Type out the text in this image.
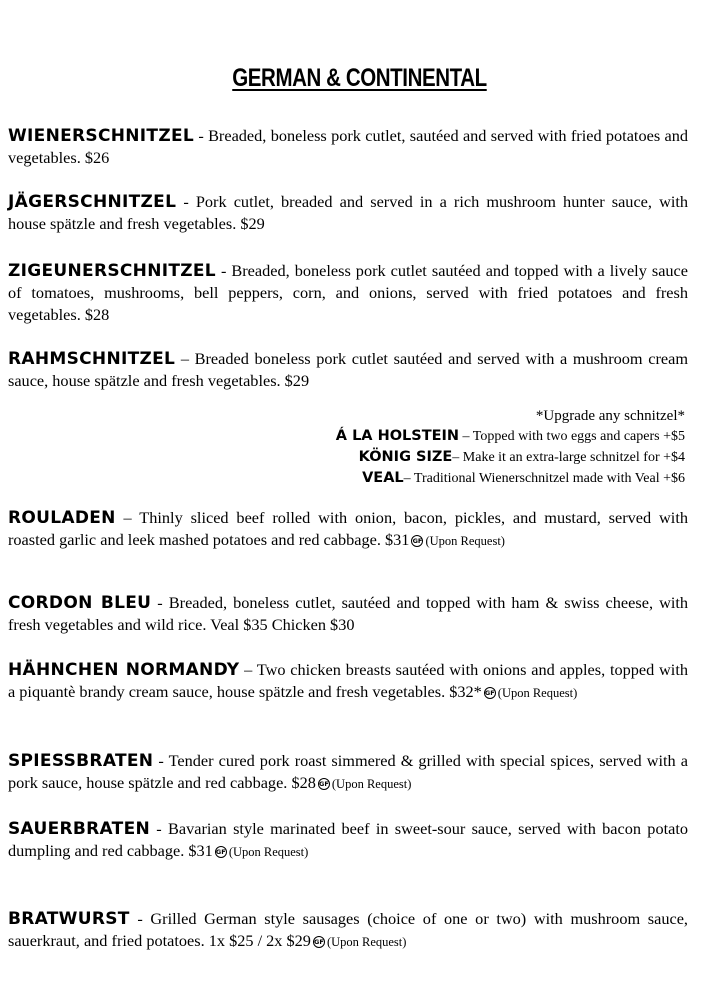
GERMAN & CONTINENTAL
WIENERSCHNITZEL - Breaded, boneless pork cutlet, sautéed and served with fried potatoes and vegetables. $26
JÄGERSCHNITZEL - Pork cutlet, breaded and served in a rich mushroom hunter sauce, with house spätzle and fresh vegetables. $29
ZIGEUNERSCHNITZEL - Breaded, boneless pork cutlet sautéed and topped with a lively sauce of tomatoes, mushrooms, bell peppers, corn, and onions, served with fried potatoes and fresh vegetables. $28
RAHMSCHNITZEL – Breaded boneless pork cutlet sautéed and served with a mushroom cream sauce, house spätzle and fresh vegetables. $29
*Upgrade any schnitzel*
Á LA HOLSTEIN – Topped with two eggs and capers +$5
KÖNIG SIZE– Make it an extra-large schnitzel for +$4
VEAL– Traditional Wienerschnitzel made with Veal +$6
ROULADEN – Thinly sliced beef rolled with onion, bacon, pickles, and mustard, served with roasted garlic and leek mashed potatoes and red cabbage. $31 GF (Upon Request)
CORDON BLEU - Breaded, boneless cutlet, sautéed and topped with ham & swiss cheese, with fresh vegetables and wild rice. Veal $35 Chicken $30
HÄHNCHEN NORMANDY – Two chicken breasts sautéed with onions and apples, topped with a piquantè brandy cream sauce, house spätzle and fresh vegetables. $32* GF (Upon Request)
SPIESSBRATEN - Tender cured pork roast simmered & grilled with special spices, served with a pork sauce, house spätzle and red cabbage. $28 GF (Upon Request)
SAUERBRATEN - Bavarian style marinated beef in sweet-sour sauce, served with bacon potato dumpling and red cabbage. $31 GF (Upon Request)
BRATWURST - Grilled German style sausages (choice of one or two) with mushroom sauce, sauerkraut, and fried potatoes. 1x $25 / 2x $29 GF (Upon Request)
